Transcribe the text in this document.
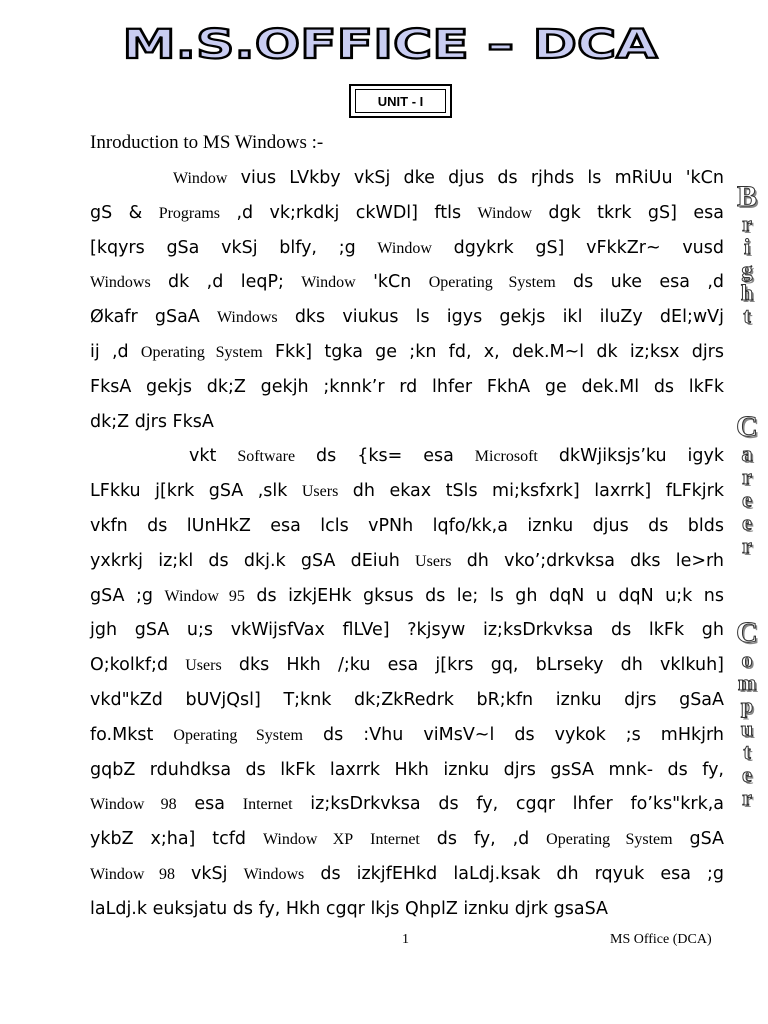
M.S.OFFICE – DCA
UNIT - I
Inroduction to MS Windows :-
Window vius LVkby vkSj dke djus ds rjhds ls mRiUu 'kCn
gS & Programs ,d vk;rkdkj ckWDl] ftls Window dgk tkrk gS] esa
[kqyrs gSa vkSj blfy, ;g Window dgykrk gS] vFkkZr~ vusd
Windows dk ,d leqP; Window 'kCn Operating System ds uke esa ,d
Økafr gSaA Windows dks viukus ls igys gekjs ikl iluZy dEl;wVj
ij ,d Operating System Fkk] tgka ge ;kn fd, x, dek.M~l dk iz;ksx djrs
FksA gekjs dk;Z gekjh ;knnk’r rd lhfer FkhA ge dek.Ml ds lkFk
dk;Z djrs FksA
vkt Software ds {ks= esa Microsoft dkWjiksjs’ku igyk
LFkku j[krk gSA ,slk Users dh ekax tSls mi;ksfxrk] laxrrk] fLFkjrk
vkfn ds lUnHkZ esa lcls vPNh lqfo/kk,a iznku djus ds blds
yxkrkj iz;kl ds dkj.k gSA dEiuh Users dh vko’;drkvksa dks le>rh
gSA ;g Window 95 ds izkjEHk gksus ds le; ls gh dqN u dqN u;k ns
jgh gSA u;s vkWijsfVax flLVe] ?kjsyw iz;ksDrkvksa ds lkFk gh
O;kolkf;d Users dks Hkh /;ku esa j[krs gq, bLrseky dh vklkuh]
vkd"kZd bUVjQsl] T;knk dk;ZkRedrk bR;kfn iznku djrs gSaA
fo.Mkst Operating System ds :Vhu viMsV~l ds vykok ;s mHkjrh
gqbZ rduhdksa ds lkFk laxrrk Hkh iznku djrs gsSA mnk- ds fy,
Window 98 esa Internet iz;ksDrkvksa ds fy, cgqr lhfer fo’ks"krk,a
ykbZ x;ha] tcfd Window XP Internet ds fy, ,d Operating System gSA
Window 98 vkSj Windows ds izkjfEHkd laLdj.ksak dh rqyuk esa ;g
laLdj.k euksjatu ds fy, Hkh cgqr lkjs QhplZ iznku djrk gsaSA
B
r
i
g
h
t
C
a
r
e
e
r
C
o
m
p
u
t
e
r
1	MS Office (DCA)
